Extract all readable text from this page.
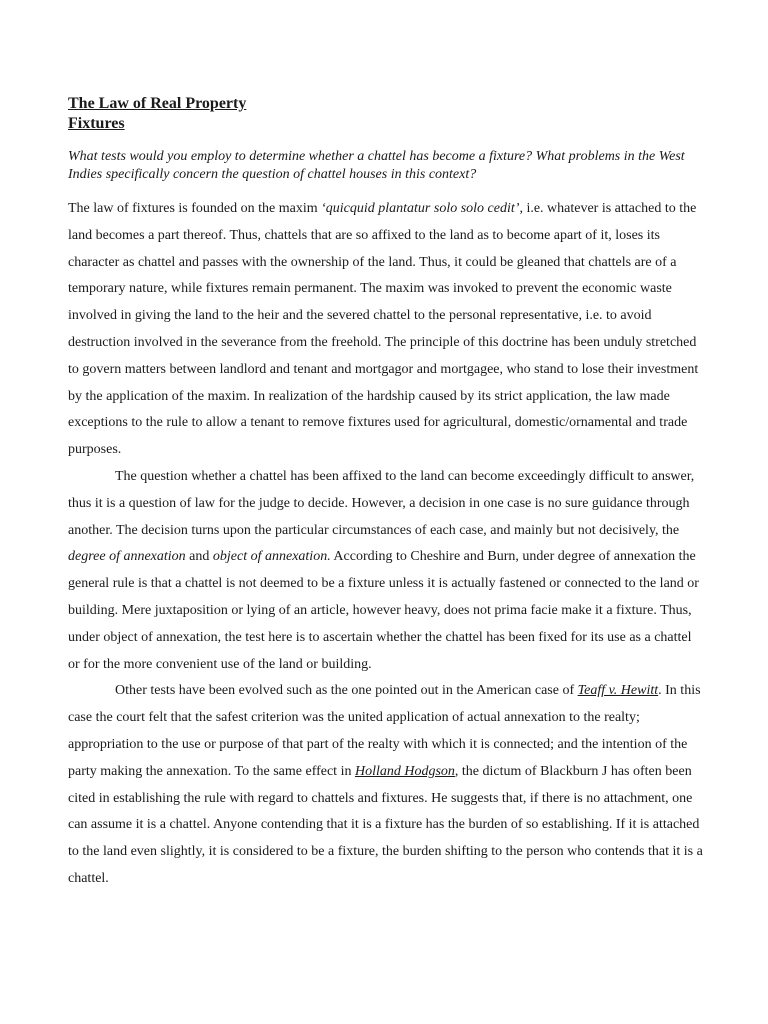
The Law of Real Property

Fixtures

What tests would you employ to determine whether a chattel has become a fixture? What problems in the West Indies specifically concern the question of chattel houses in this context?

The law of fixtures is founded on the maxim ‘quicquid plantatur solo solo cedit’, i.e. whatever is attached to the land becomes a part thereof. Thus, chattels that are so affixed to the land as to become apart of it, loses its character as chattel and passes with the ownership of the land. Thus, it could be gleaned that chattels are of a temporary nature, while fixtures remain permanent. The maxim was invoked to prevent the economic waste involved in giving the land to the heir and the severed chattel to the personal representative, i.e. to avoid destruction involved in the severance from the freehold. The principle of this doctrine has been unduly stretched to govern matters between landlord and tenant and mortgagor and mortgagee, who stand to lose their investment by the application of the maxim. In realization of the hardship caused by its strict application, the law made exceptions to the rule to allow a tenant to remove fixtures used for agricultural, domestic/ornamental and trade purposes.

The question whether a chattel has been affixed to the land can become exceedingly difficult to answer, thus it is a question of law for the judge to decide. However, a decision in one case is no sure guidance through another. The decision turns upon the particular circumstances of each case, and mainly but not decisively, the degree of annexation and object of annexation. According to Cheshire and Burn, under degree of annexation the general rule is that a chattel is not deemed to be a fixture unless it is actually fastened or connected to the land or building. Mere juxtaposition or lying of an article, however heavy, does not prima facie make it a fixture. Thus, under object of annexation, the test here is to ascertain whether the chattel has been fixed for its use as a chattel or for the more convenient use of the land or building.

Other tests have been evolved such as the one pointed out in the American case of Teaff v. Hewitt. In this case the court felt that the safest criterion was the united application of actual annexation to the realty; appropriation to the use or purpose of that part of the realty with which it is connected; and the intention of the party making the annexation. To the same effect in Holland Hodgson, the dictum of Blackburn J has often been cited in establishing the rule with regard to chattels and fixtures. He suggests that, if there is no attachment, one can assume it is a chattel. Anyone contending that it is a fixture has the burden of so establishing. If it is attached to the land even slightly, it is considered to be a fixture, the burden shifting to the person who contends that it is a chattel.
